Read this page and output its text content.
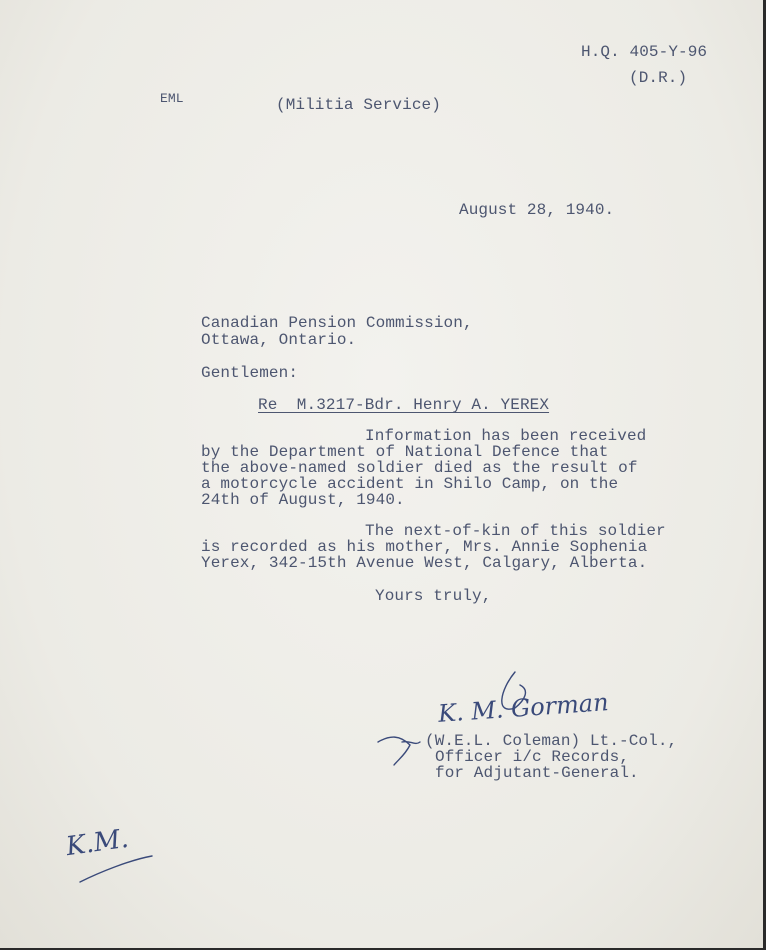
H.Q. 405-Y-96
(D.R.)
EML	(Militia Service)
August 28, 1940.
Canadian Pension Commission,
Ottawa, Ontario.
Gentlemen:
Re  M.3217-Bdr. Henry A. YEREX
Information has been received
by the Department of National Defence that
the above-named soldier died as the result of
a motorcycle accident in Shilo Camp, on the
24th of August, 1940.
The next-of-kin of this soldier
is recorded as his mother, Mrs. Annie Sophenia
Yerex, 342-15th Avenue West, Calgary, Alberta.
Yours truly,
K. M. Gorman
K.M.
(W.E.L. Coleman) Lt.-Col.,
Officer i/c Records,
for Adjutant-General.
